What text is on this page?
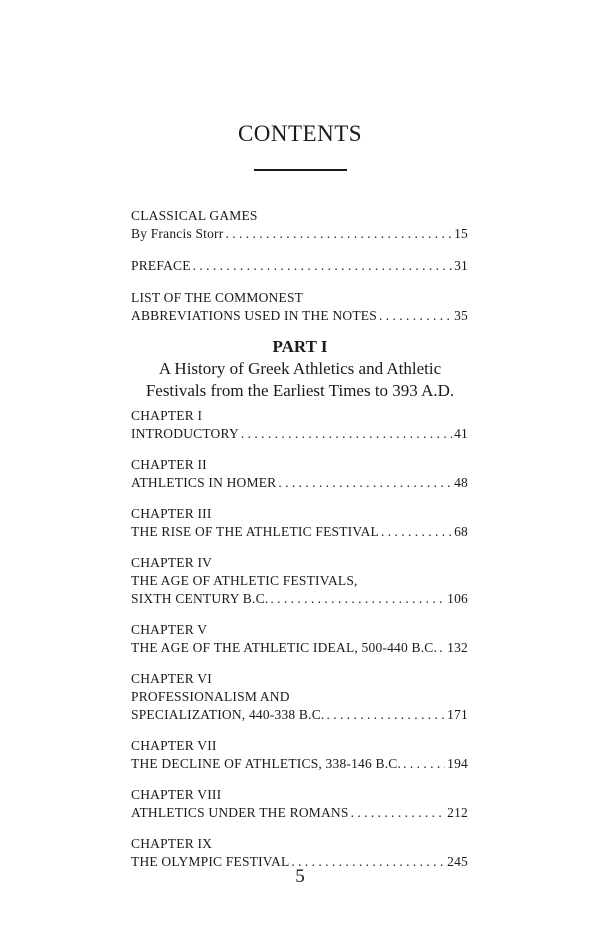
CONTENTS
CLASSICAL GAMES
By Francis Storr . . .	15
PREFACE . . .	31
LIST OF THE COMMONEST
ABBREVIATIONS USED IN THE NOTES . . .	35
PART I
A History of Greek Athletics and Athletic
Festivals from the Earliest Times to 393 A.D.
CHAPTER I
INTRODUCTORY . . .	41
CHAPTER II
ATHLETICS IN HOMER . . .	48
CHAPTER III
THE RISE OF THE ATHLETIC FESTIVAL . . .	68
CHAPTER IV
THE AGE OF ATHLETIC FESTIVALS,
SIXTH CENTURY B.C. . . .	106
CHAPTER V
THE AGE OF THE ATHLETIC IDEAL, 500-440 B.C. . . . 132
CHAPTER VI
PROFESSIONALISM AND
SPECIALIZATION, 440-338 B.C. . . .	171
CHAPTER VII
THE DECLINE OF ATHLETICS, 338-146 B.C. . . .	194
CHAPTER VIII
ATHLETICS UNDER THE ROMANS . . .	212
CHAPTER IX
THE OLYMPIC FESTIVAL . . .	245
5
